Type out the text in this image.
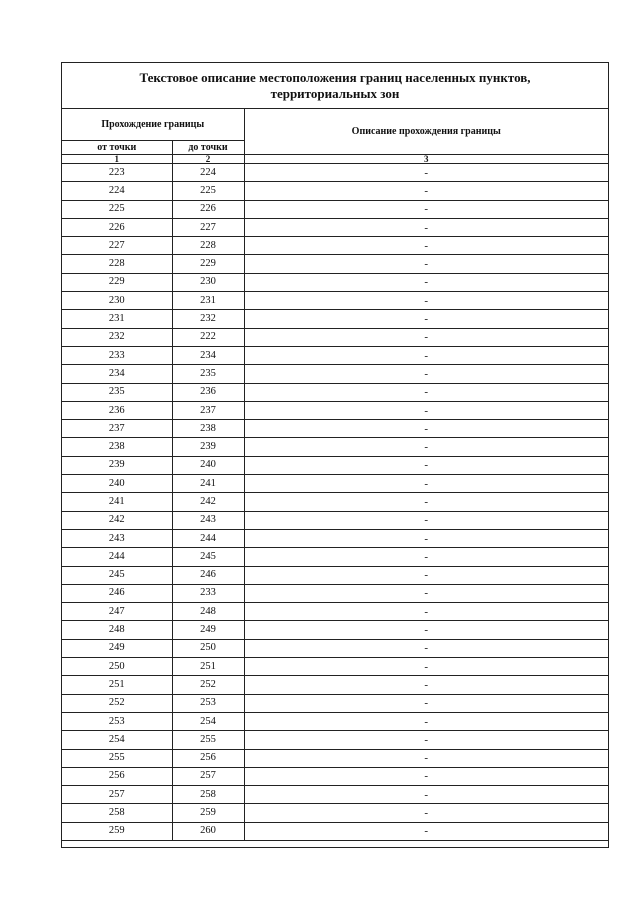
Текстовое описание местоположения границ населенных пунктов,
территориальных зон
Прохождение границы		Описание прохождения границы
от точки	до точки	
1	2	3
223	224	-
224	225	-
225	226	-
226	227	-
227	228	-
228	229	-
229	230	-
230	231	-
231	232	-
232	222	-
233	234	-
234	235	-
235	236	-
236	237	-
237	238	-
238	239	-
239	240	-
240	241	-
241	242	-
242	243	-
243	244	-
244	245	-
245	246	-
246	233	-
247	248	-
248	249	-
249	250	-
250	251	-
251	252	-
252	253	-
253	254	-
254	255	-
255	256	-
256	257	-
257	258	-
258	259	-
259	260	-
